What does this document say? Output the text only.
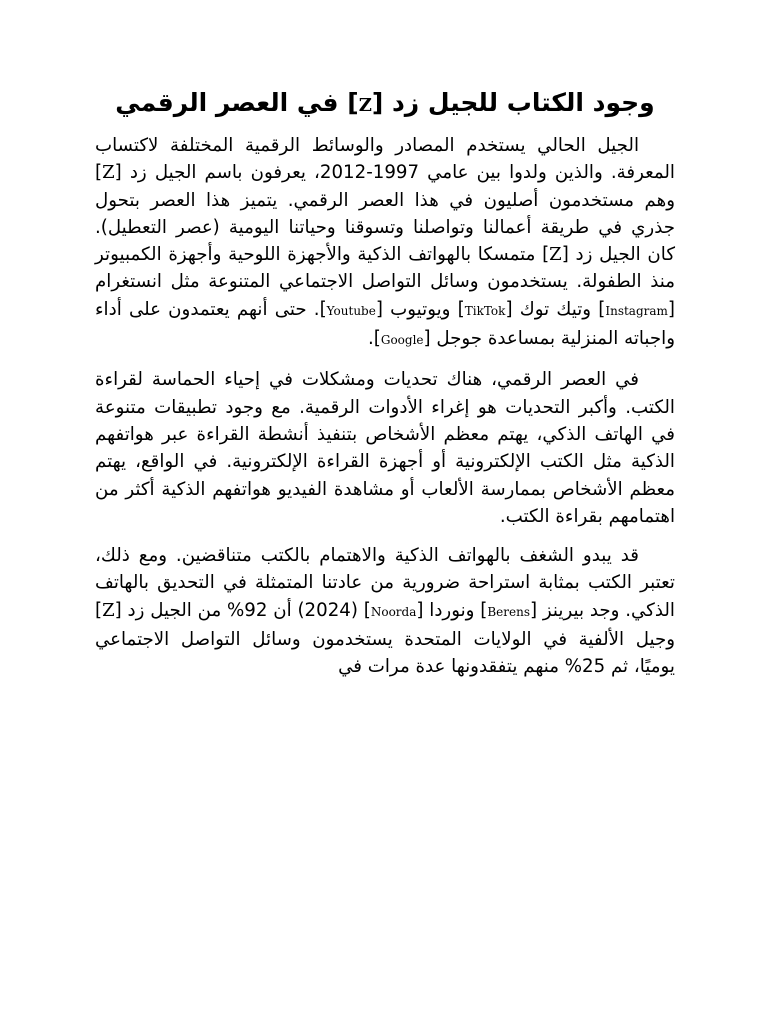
وجود الكتاب للجيل زد [Z] في العصر الرقمي

الجيل الحالي يستخدم المصادر والوسائط الرقمية المختلفة لاكتساب المعرفة. والذين ولدوا بين عامي 1997-2012، يعرفون باسم الجيل زد [Z] وهم مستخدمون أصليون في هذا العصر الرقمي. يتميز هذا العصر بتحول جذري في طريقة أعمالنا وتواصلنا وتسوقنا وحياتنا اليومية (عصر التعطيل). كان الجيل زد [Z] متمسكا بالهواتف الذكية والأجهزة اللوحية وأجهزة الكمبيوتر منذ الطفولة. يستخدمون وسائل التواصل الاجتماعي المتنوعة مثل انستغرام [Instagram] وتيك توك [TikTok] ويوتيوب [Youtube]. حتى أنهم يعتمدون على أداء واجباته المنزلية بمساعدة جوجل [Google].

في العصر الرقمي، هناك تحديات ومشكلات في إحياء الحماسة لقراءة الكتب. وأكبر التحديات هو إغراء الأدوات الرقمية. مع وجود تطبيقات متنوعة في الهاتف الذكي، يهتم معظم الأشخاص بتنفيذ أنشطة القراءة عبر هواتفهم الذكية مثل الكتب الإلكترونية أو أجهزة القراءة الإلكترونية. في الواقع، يهتم معظم الأشخاص بممارسة الألعاب أو مشاهدة الفيديو هواتفهم الذكية أكثر من اهتمامهم بقراءة الكتب.

قد يبدو الشغف بالهواتف الذكية والاهتمام بالكتب متناقضين. ومع ذلك، تعتبر الكتب بمثابة استراحة ضرورية من عادتنا المتمثلة في التحديق بالهاتف الذكي. وجد بيرينز [Berens] ونوردا [Noorda] (2024) أن 92% من الجيل زد [Z] وجيل الألفية في الولايات المتحدة يستخدمون وسائل التواصل الاجتماعي يوميًا، ثم 25% منهم يتفقدونها عدة مرات في
